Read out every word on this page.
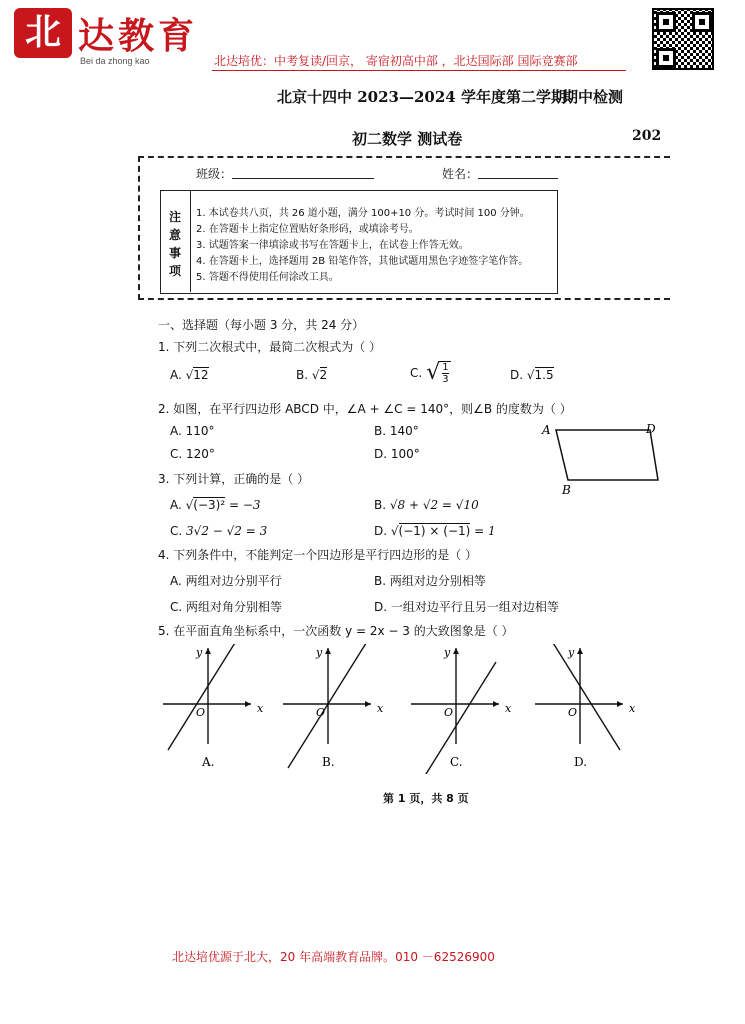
北 达教育
Bei da zhong kao	北达培优：中考复读/回京， 寄宿初高中部 ，北达国际部 国际竞赛部
北京十四中 2023—2024 学年度第二学期
期中检测
初二数学 测试卷	202
班级：	姓名：
注
意
事
项
1. 本试卷共八页，共 26 道小题，满分 100+10 分。考试时间 100 分钟。
2. 在答题卡上指定位置贴好条形码，或填涂考号。
3. 试题答案一律填涂或书写在答题卡上，在试卷上作答无效。
4. 在答题卡上，选择题用 2B 铅笔作答，其他试题用黑色字迹签字笔作答。
5. 答题不得使用任何涂改工具。
一、选择题（每小题 3 分，共 24 分）
1. 下列二次根式中，最简二次根式为（ ）
A. √12	B. √2	C. √ $\frac{1}{3}$	D. √1.5
2. 如图，在平行四边形 ABCD 中，∠A + ∠C = 140°，则∠B 的度数为（ ）
A. 110°	B. 140°
C. 120°	D. 100°
A
B
D
3. 下列计算，正确的是（ ）
A. √(−3)² = −3	B. √8 + √2 = √10
C. 3√2 − √2 = 3	D. √(−1) × (−1) = 1
4. 下列条件中，不能判定一个四边形是平行四边形的是（ ）
A. 两组对边分别平行	B. 两组对边分别相等
C. 两组对角分别相等	D. 一组对边平行且另一组对边相等
5. 在平面直角坐标系中，一次函数 y = 2x − 3 的大致图象是（ ）
x
y
O
A.
x
y
O
B.
x
y
O
C.
x
y
O
D.
第 1 页，共 8 页
北达培优源于北大，20 年高端教育品牌。010 －62526900
